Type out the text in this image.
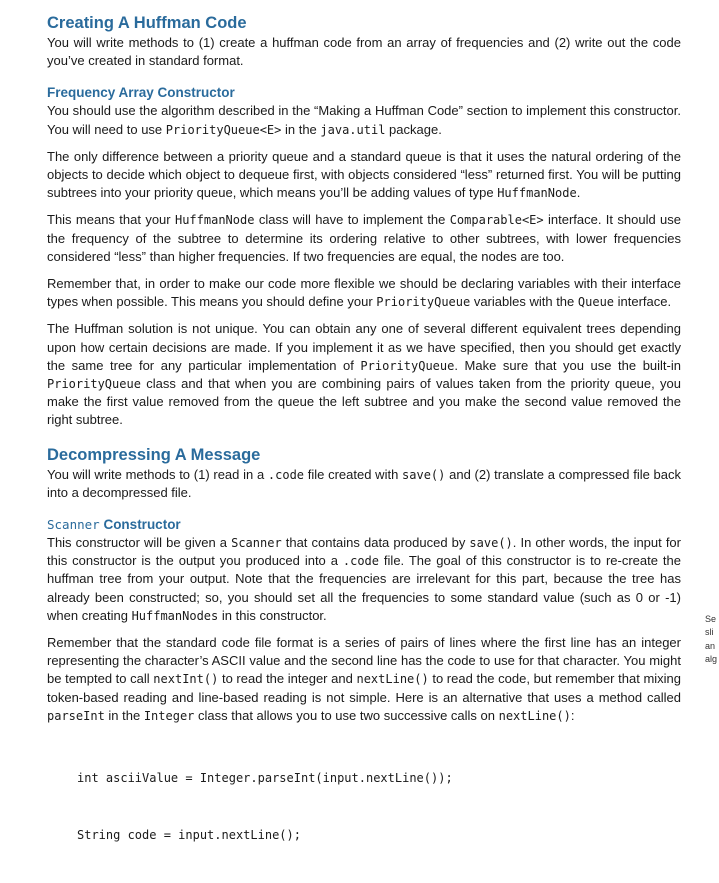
Creating A Huffman Code

You will write methods to (1) create a huffman code from an array of frequencies and (2) write out the code you’ve created in standard format.

Frequency Array Constructor

You should use the algorithm described in the “Making a Huffman Code” section to implement this constructor. You will need to use PriorityQueue<E> in the java.util package.

The only difference between a priority queue and a standard queue is that it uses the natural ordering of the objects to decide which object to dequeue first, with objects considered “less” returned first. You will be putting subtrees into your priority queue, which means you’ll be adding values of type HuffmanNode.

This means that your HuffmanNode class will have to implement the Comparable<E> interface. It should use the frequency of the subtree to determine its ordering relative to other subtrees, with lower frequencies considered “less” than higher frequencies. If two frequencies are equal, the nodes are too.

Remember that, in order to make our code more flexible we should be declaring variables with their interface types when possible. This means you should define your PriorityQueue variables with the Queue interface.

The Huffman solution is not unique. You can obtain any one of several different equivalent trees depending upon how certain decisions are made. If you implement it as we have specified, then you should get exactly the same tree for any particular implementation of PriorityQueue. Make sure that you use the built-in PriorityQueue class and that when you are combining pairs of values taken from the priority queue, you make the first value removed from the queue the left subtree and you make the second value removed the right subtree.

Decompressing A Message

You will write methods to (1) read in a .code file created with save() and (2) translate a compressed file back into a decompressed file.

Scanner Constructor

This constructor will be given a Scanner that contains data produced by save(). In other words, the input for this constructor is the output you produced into a .code file. The goal of this constructor is to re-create the huffman tree from your output. Note that the frequencies are irrelevant for this part, because the tree has already been constructed; so, you should set all the frequencies to some standard value (such as 0 or -1) when creating HuffmanNodes in this constructor.

Remember that the standard code file format is a series of pairs of lines where the first line has an integer representing the character’s ASCII value and the second line has the code to use for that character. You might be tempted to call nextInt() to read the integer and nextLine() to read the code, but remember that mixing token-based reading and line-based reading is not simple. Here is an alternative that uses a method called parseInt in the Integer class that allows you to use two successive calls on nextLine():

int asciiValue = Integer.parseInt(input.nextLine());

String code = input.nextLine();

Se
sli
an
alg
